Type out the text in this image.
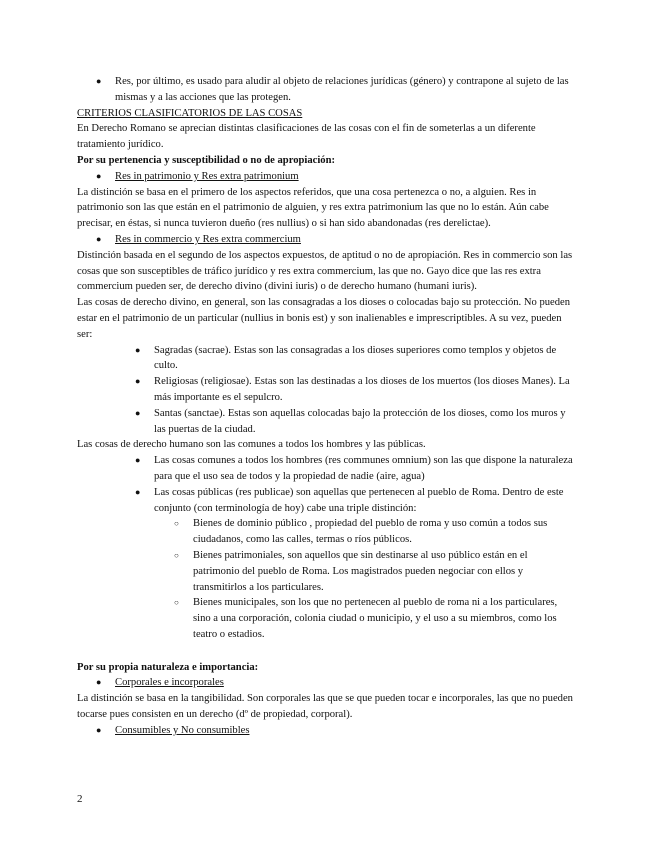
● Res, por último, es usado para aludir al objeto de relaciones jurídicas (género) y contrapone al sujeto de las mismas y a las acciones que las protegen.

CRITERIOS CLASIFICATORIOS DE LAS COSAS

En Derecho Romano se aprecian distintas clasificaciones de las cosas con el fin de someterlas a un diferente tratamiento jurídico.

Por su pertenencia y susceptibilidad o no de apropiación:

● Res in patrimonio y Res extra patrimonium

La distinción se basa en el primero de los aspectos referidos, que una cosa pertenezca o no, a alguien. Res in patrimonio son las que están en el patrimonio de alguien, y res extra patrimonium las que no lo están. Aún cabe precisar, en éstas, si nunca tuvieron dueño (res nullius) o si han sido abandonadas (res derelictae).

● Res in commercio y Res extra commercium

Distinción basada en el segundo de los aspectos expuestos, de aptitud o no de apropiación. Res in commercio son las cosas que son susceptibles de tráfico jurídico y res extra commercium, las que no. Gayo dice que las res extra commercium pueden ser, de derecho divino (divini iuris) o de derecho humano (humani iuris).

Las cosas de derecho divino, en general, son las consagradas a los dioses o colocadas bajo su protección. No pueden estar en el patrimonio de un particular (nullius in bonis est) y son inalienables e imprescriptibles. A su vez, pueden ser:

● Sagradas (sacrae). Estas son las consagradas a los dioses superiores como templos y objetos de culto.

● Religiosas (religiosae). Estas son las destinadas a los dioses de los muertos (los dioses Manes). La más importante es el sepulcro.

● Santas (sanctae). Estas son aquellas colocadas bajo la protección de los dioses, como los muros y las puertas de la ciudad.

Las cosas de derecho humano son las comunes a todos los hombres y las públicas.

● Las cosas comunes a todos los hombres (res communes omnium) son las que dispone la naturaleza para que el uso sea de todos y la propiedad de nadie (aire, agua)

● Las cosas públicas (res publicae) son aquellas que pertenecen al pueblo de Roma. Dentro de este conjunto (con terminología de hoy) cabe una triple distinción:

○ Bienes de dominio público , propiedad del pueblo de roma y uso común a todos sus ciudadanos, como las calles, termas o ríos públicos.

○ Bienes patrimoniales, son aquellos que sin destinarse al uso público están en el patrimonio del pueblo de Roma. Los magistrados pueden negociar con ellos y transmitirlos a los particulares.

○ Bienes municipales, son los que no pertenecen al pueblo de roma ni a los particulares, sino a una corporación, colonia ciudad o municipio, y el uso a su miembros, como los teatro o estadios.

Por su propia naturaleza e importancia:

● Corporales e incorporales

La distinción se basa en la tangibilidad. Son corporales las que se que pueden tocar e incorporales, las que no pueden tocarse pues consisten en un derecho (dº de propiedad, corporal).

● Consumibles y No consumibles

2
